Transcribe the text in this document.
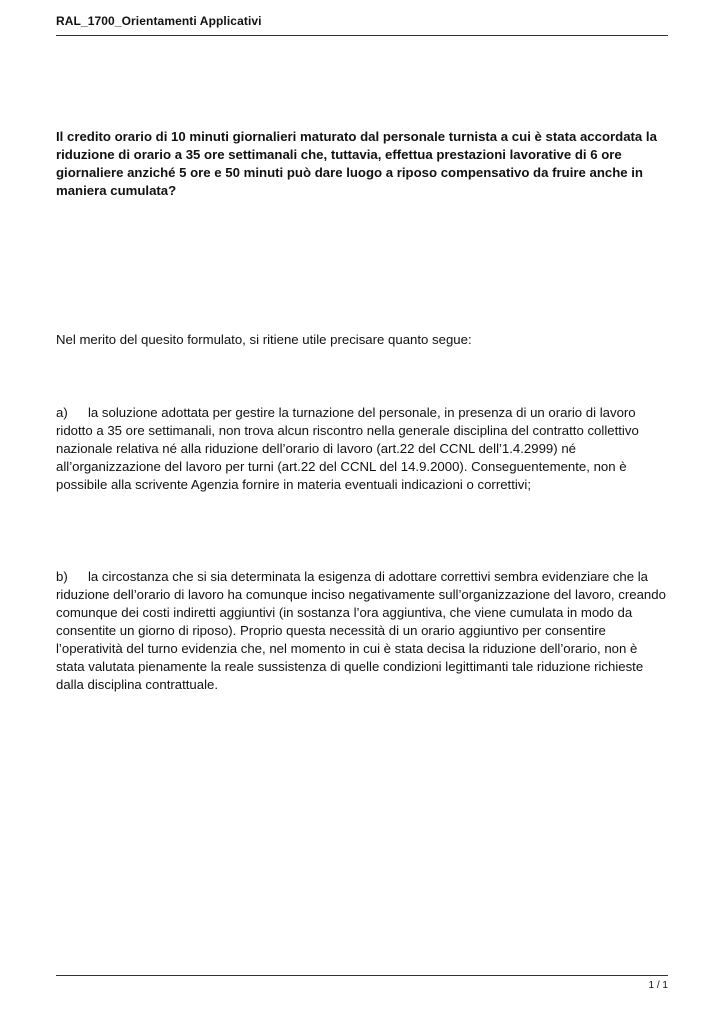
RAL_1700_Orientamenti Applicativi
Il credito orario di 10 minuti giornalieri maturato dal personale turnista a cui è stata accordata la riduzione di orario a 35 ore settimanali che, tuttavia, effettua prestazioni lavorative di 6 ore giornaliere anziché 5 ore e 50 minuti può dare luogo a riposo compensativo da fruire anche in maniera cumulata?
Nel merito del quesito formulato, si ritiene utile precisare quanto segue:
a) la soluzione adottata per gestire la turnazione del personale, in presenza di un orario di lavoro ridotto a 35 ore settimanali, non trova alcun riscontro nella generale disciplina del contratto collettivo nazionale relativa né alla riduzione dell’orario di lavoro (art.22 del CCNL dell’1.4.2999) né all’organizzazione del lavoro per turni (art.22 del CCNL del 14.9.2000). Conseguentemente, non è possibile alla scrivente Agenzia fornire in materia eventuali indicazioni o correttivi;
b) la circostanza che si sia determinata la esigenza di adottare correttivi sembra evidenziare che la riduzione dell’orario di lavoro ha comunque inciso negativamente sull’organizzazione del lavoro, creando comunque dei costi indiretti aggiuntivi (in sostanza l’ora aggiuntiva, che viene cumulata in modo da consentite un giorno di riposo). Proprio questa necessità di un orario aggiuntivo per consentire l’operatività del turno evidenzia che, nel momento in cui è stata decisa la riduzione dell’orario, non è stata valutata pienamente la reale sussistenza di quelle condizioni legittimanti tale riduzione richieste dalla disciplina contrattuale.
1 / 1
